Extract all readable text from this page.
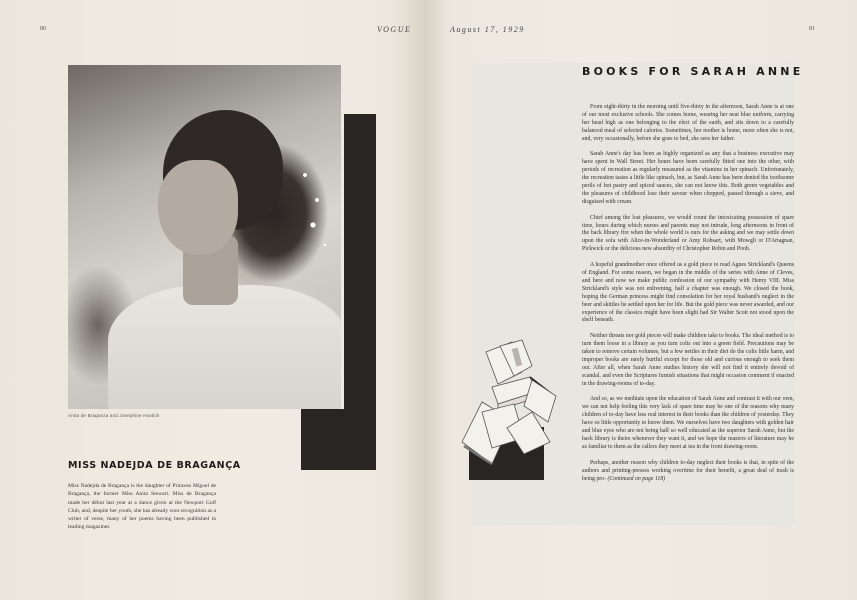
80	VOGUE	August 17, 1929	81
Anita de Braganza and Josephine Hostick
MISS NADEJDA DE BRAGANÇA
Miss Nadejda de Bragança is the daughter of Princess Miguel de Bragança, the former Miss Anita Stewart. Miss de Bragança made her début last year at a dance given at the Newport Golf Club, and, despite her youth, she has already won recognition as a writer of verse, many of her poems having been published in leading magazines
BOOKS FOR SARAH ANNE

From eight-thirty in the morning until five-thirty in the afternoon, Sarah Anne is at one of our most exclusive schools. She comes home, wearing her neat blue uniform, carrying her head high as one belonging to the elect of the earth, and sits down to a carefully balanced meal of selected calories. Sometimes, her mother is home, more often she is not, and, very occasionally, before she goes to bed, she sees her father.

Sarah Anne's day has been as highly organized as any that a business executive may have spent in Wall Street. Her hours have been carefully fitted one into the other, with periods of recreation as regularly measured as the vitamins in her spinach. Unfortunately, the recreation tastes a little like spinach, but, as Sarah Anne has been denied the toothsome perils of hot pastry and spiced sauces, she can not know this. Both green vegetables and the pleasures of childhood lose their savour when chopped, passed through a sieve, and disguised with cream.

Chief among the lost pleasures, we would count the intoxicating possession of spare time, hours during which nurses and parents may not intrude, long afternoons in front of the back library fire when the whole world is ours for the asking and we may settle down upon the sofa with Alice-in-Wonderland or Amy Robsart, with Mowgli or D'Artagnan, Pickwick or the delicious new absurdity of Christopher Robin and Pooh.

A hopeful grandmother once offered us a gold piece to read Agnes Strickland's Queens of England. For some reason, we began in the middle of the series with Anne of Cleves, and here and now we make public confession of our sympathy with Henry VIII. Miss Strickland's style was not enlivening, half a chapter was enough. We closed the book, hoping the German princess might find consolation for her royal husband's neglect in the beer and skittles he settled upon her for life. But the gold piece was never awarded, and our experience of the classics might have been slight had Sir Walter Scott not stood upon the shelf beneath.

Neither threats nor gold pieces will make children take to books. The ideal method is to turn them loose in a library as you turn colts out into a green field. Precautions may be taken to remove certain volumes, but a few nettles in their diet do the colts little harm, and improper books are rarely hurtful except for those old and curious enough to seek them out. After all, when Sarah Anne studies history she will not find it entirely devoid of scandal, and even the Scriptures furnish situations that might occasion comment if enacted in the drawing-rooms of to-day.

And so, as we meditate upon the education of Sarah Anne and contrast it with our own, we can not help feeling this very lack of spare time may be one of the reasons why many children of to-day have less real interest in their books than the children of yesterday. They have so little opportunity to know them. We ourselves have two daughters with golden hair and blue eyes who are not being half so well educated as the superior Sarah Anne, but the back library is theirs whenever they want it, and we hope the masters of literature may be as familiar to them as the callers they meet at tea in the front drawing-room.

Perhaps, another reason why children to-day neglect their books is that, in spite of the authors and printing-presses working overtime for their benefit, a great deal of trash is being pro- (Continued on page 118)
